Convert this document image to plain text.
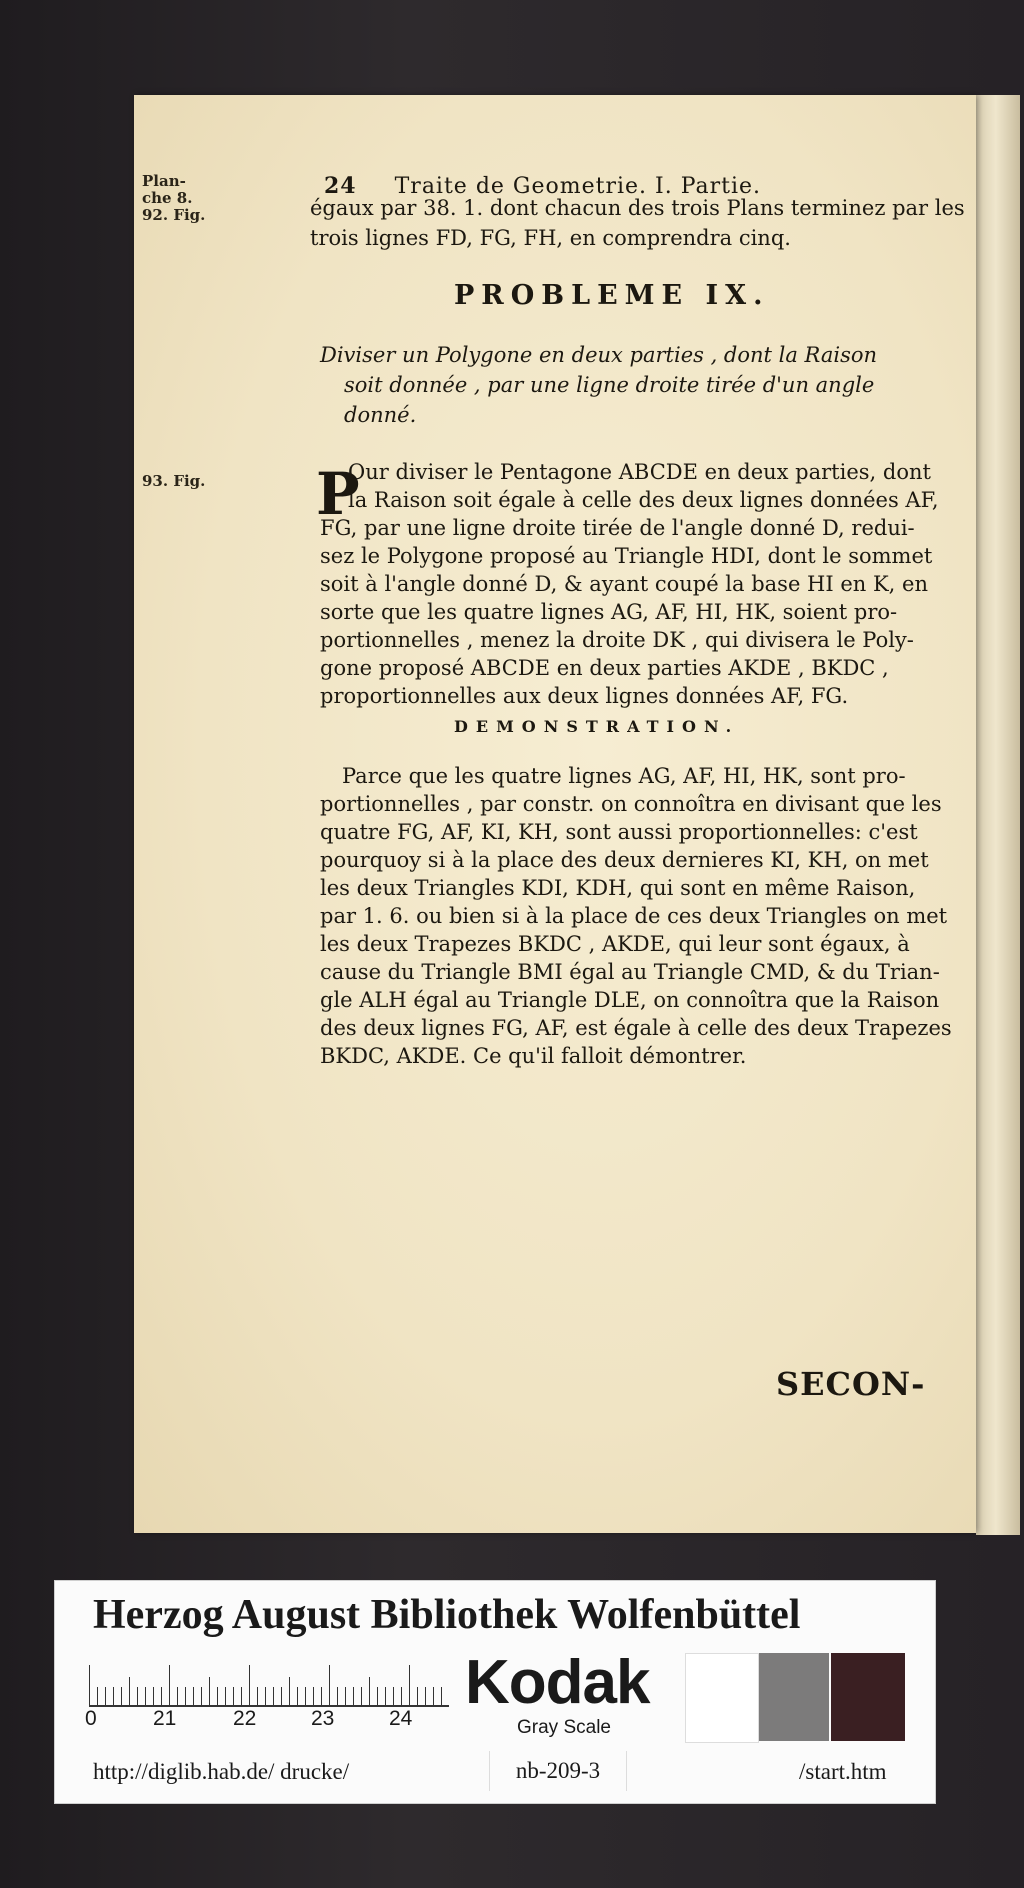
24 Traite de Geometrie. I. Partie.
Plan-
che 8.
92. Fig.	égaux par 38. 1. dont chacun des trois Plans terminez par les
trois lignes FD, FG, FH, en comprendra cinq.
PROBLEME IX.
Diviser un Polygone en deux parties , dont la Raison
soit donnée , par une ligne droite tirée d'un angle
donné.
93. Fig. P
Our diviser le Pentagone ABCDE en deux parties, dont
la Raison soit égale à celle des deux lignes données AF,
FG, par une ligne droite tirée de l'angle donné D, redui-
sez le Polygone proposé au Triangle HDI, dont le sommet
soit à l'angle donné D, & ayant coupé la base HI en K, en
sorte que les quatre lignes AG, AF, HI, HK, soient pro-
portionnelles , menez la droite DK , qui divisera le Poly-
gone proposé ABCDE en deux parties AKDE , BKDC ,
proportionnelles aux deux lignes données AF, FG.
DEMONSTRATION.
Parce que les quatre lignes AG, AF, HI, HK, sont pro-
portionnelles , par constr. on connoîtra en divisant que les
quatre FG, AF, KI, KH, sont aussi proportionnelles: c'est
pourquoy si à la place des deux dernieres KI, KH, on met
les deux Triangles KDI, KDH, qui sont en même Raison,
par 1. 6. ou bien si à la place de ces deux Triangles on met
les deux Trapezes BKDC , AKDE, qui leur sont égaux, à
cause du Triangle BMI égal au Triangle CMD, & du Trian-
gle ALH égal au Triangle DLE, on connoîtra que la Raison
des deux lignes FG, AF, est égale à celle des deux Trapezes
BKDC, AKDE. Ce qu'il falloit démontrer.
SECON-
Herzog August Bibliothek Wolfenbüttel
0	21	22	23	24
Kodak
Gray Scale
http://diglib.hab.de/ drucke/	nb-209-3	/start.htm
